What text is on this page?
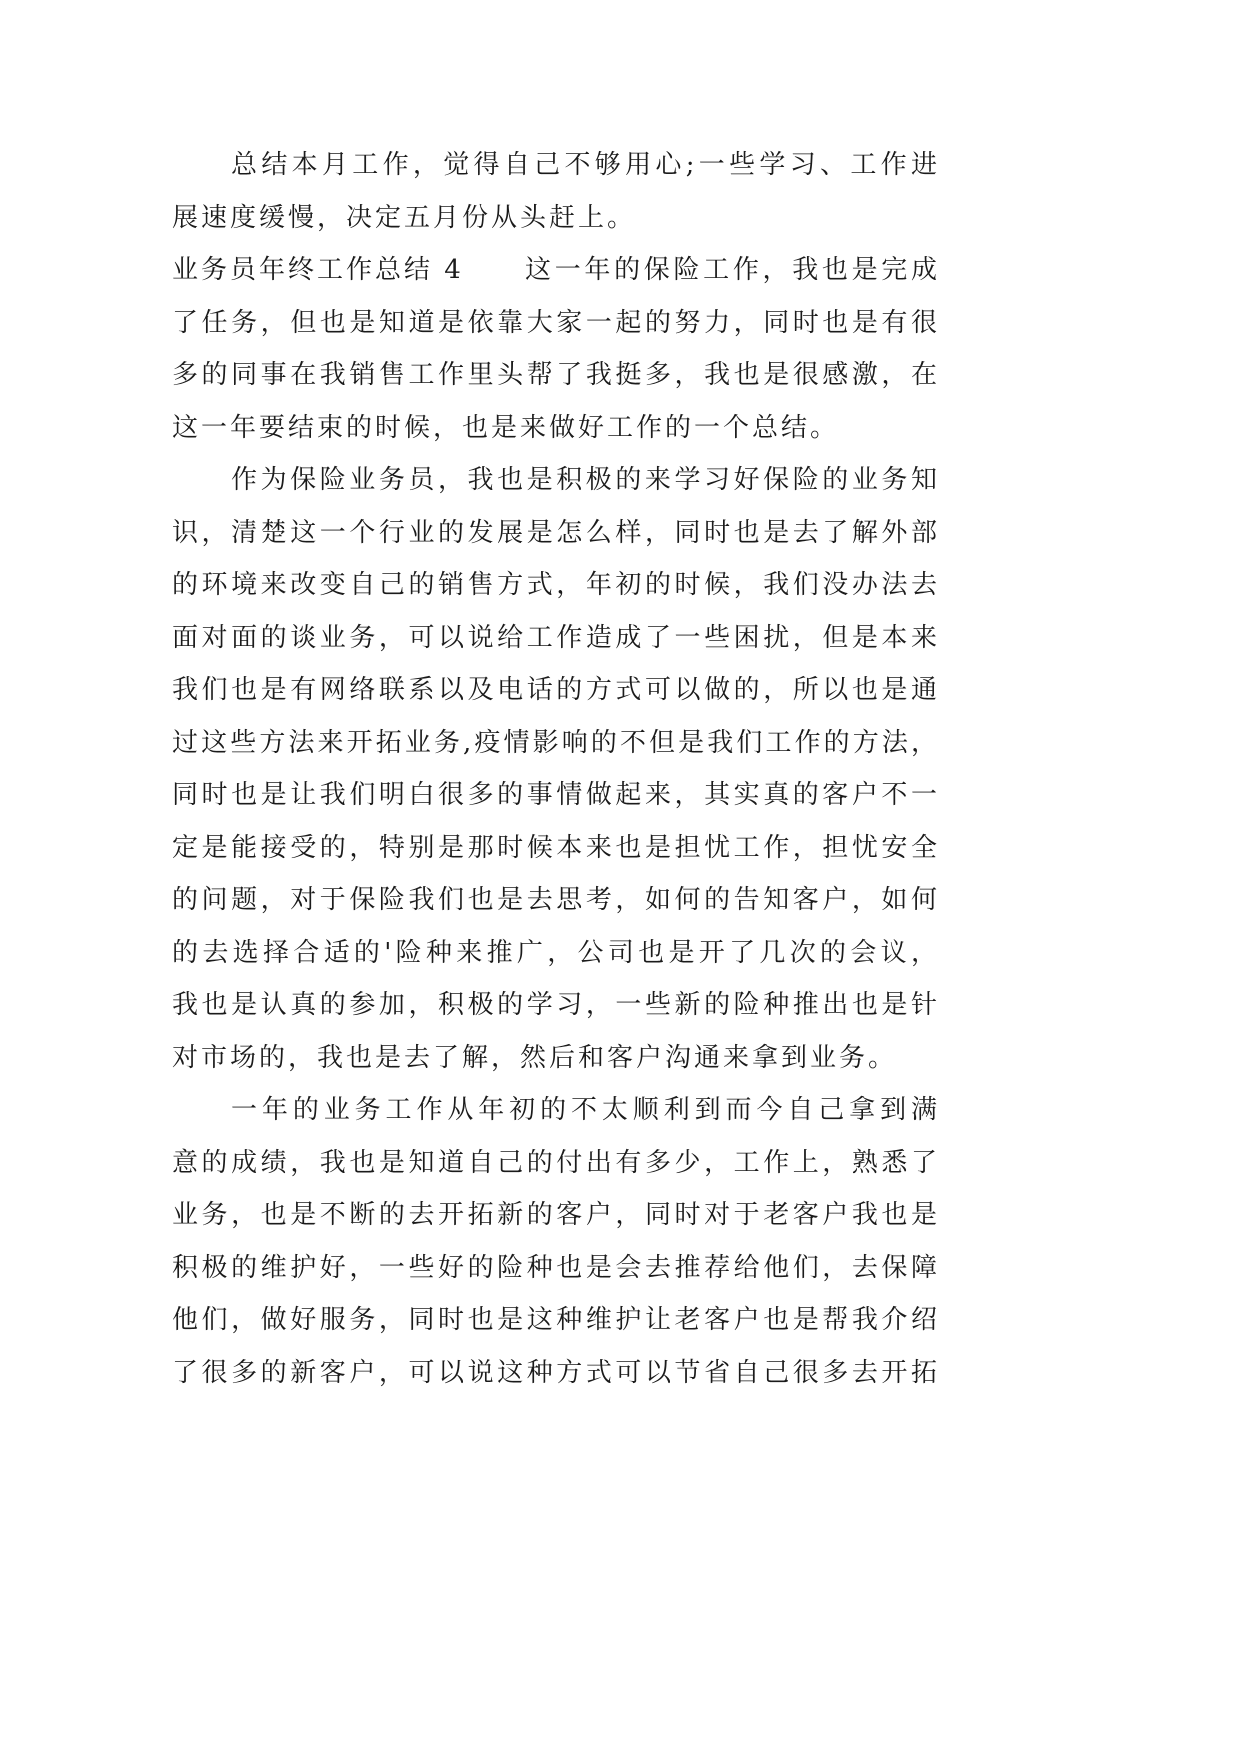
总结本月工作，觉得自己不够用心;一些学习、工作进
展速度缓慢，决定五月份从头赶上。
业务员年终工作总结 4 这一年的保险工作，我也是完成
了任务，但也是知道是依靠大家一起的努力，同时也是有很
多的同事在我销售工作里头帮了我挺多，我也是很感激，在
这一年要结束的时候，也是来做好工作的一个总结。
作为保险业务员，我也是积极的来学习好保险的业务知
识，清楚这一个行业的发展是怎么样，同时也是去了解外部
的环境来改变自己的销售方式，年初的时候，我们没办法去
面对面的谈业务，可以说给工作造成了一些困扰，但是本来
我们也是有网络联系以及电话的方式可以做的，所以也是通
过这些方法来开拓业务,疫情影响的不但是我们工作的方法，
同时也是让我们明白很多的事情做起来，其实真的客户不一
定是能接受的，特别是那时候本来也是担忧工作，担忧安全
的问题，对于保险我们也是去思考，如何的告知客户，如何
的去选择合适的'险种来推广，公司也是开了几次的会议，
我也是认真的参加，积极的学习，一些新的险种推出也是针
对市场的，我也是去了解，然后和客户沟通来拿到业务。
一年的业务工作从年初的不太顺利到而今自己拿到满
意的成绩，我也是知道自己的付出有多少，工作上，熟悉了
业务，也是不断的去开拓新的客户，同时对于老客户我也是
积极的维护好，一些好的险种也是会去推荐给他们，去保障
他们，做好服务，同时也是这种维护让老客户也是帮我介绍
了很多的新客户，可以说这种方式可以节省自己很多去开拓
